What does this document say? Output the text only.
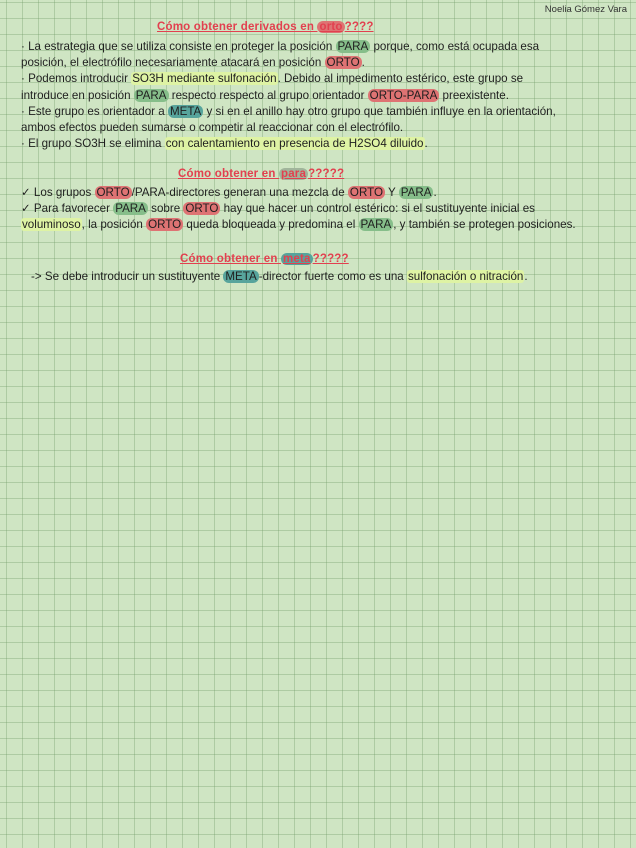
Noelia Gómez Vara
Cómo obtener derivados en orto ????
· La estrategia que se utiliza consiste en proteger la posición PARA porque, como está ocupada esa
posición, el electrófilo necesariamente atacará en posición ORTO .
· Podemos introducir SO3H mediante sulfonación. Debido al impedimento estérico, este grupo se
introduce en posición PARA respecto respecto al grupo orientador ORTO-PARA preexistente.
· Este grupo es orientador a META y si en el anillo hay otro grupo que también influye en la orientación,
ambos efectos pueden sumarse o competir al reaccionar con el electrófilo.
· El grupo SO3H se elimina con calentamiento en presencia de H2SO4 diluido.
Cómo obtener en para ?????
✓ Los grupos ORTO /PARA-directores generan una mezcla de ORTO Y PARA .
✓ Para favorecer PARA sobre ORTO hay que hacer un control estérico: si el sustituyente inicial es
voluminoso, la posición ORTO queda bloqueada y predomina el PARA , y también se protegen posiciones.
Cómo obtener en meta ?????
-> Se debe introducir un sustituyente META -director fuerte como es una sulfonación o nitración.
